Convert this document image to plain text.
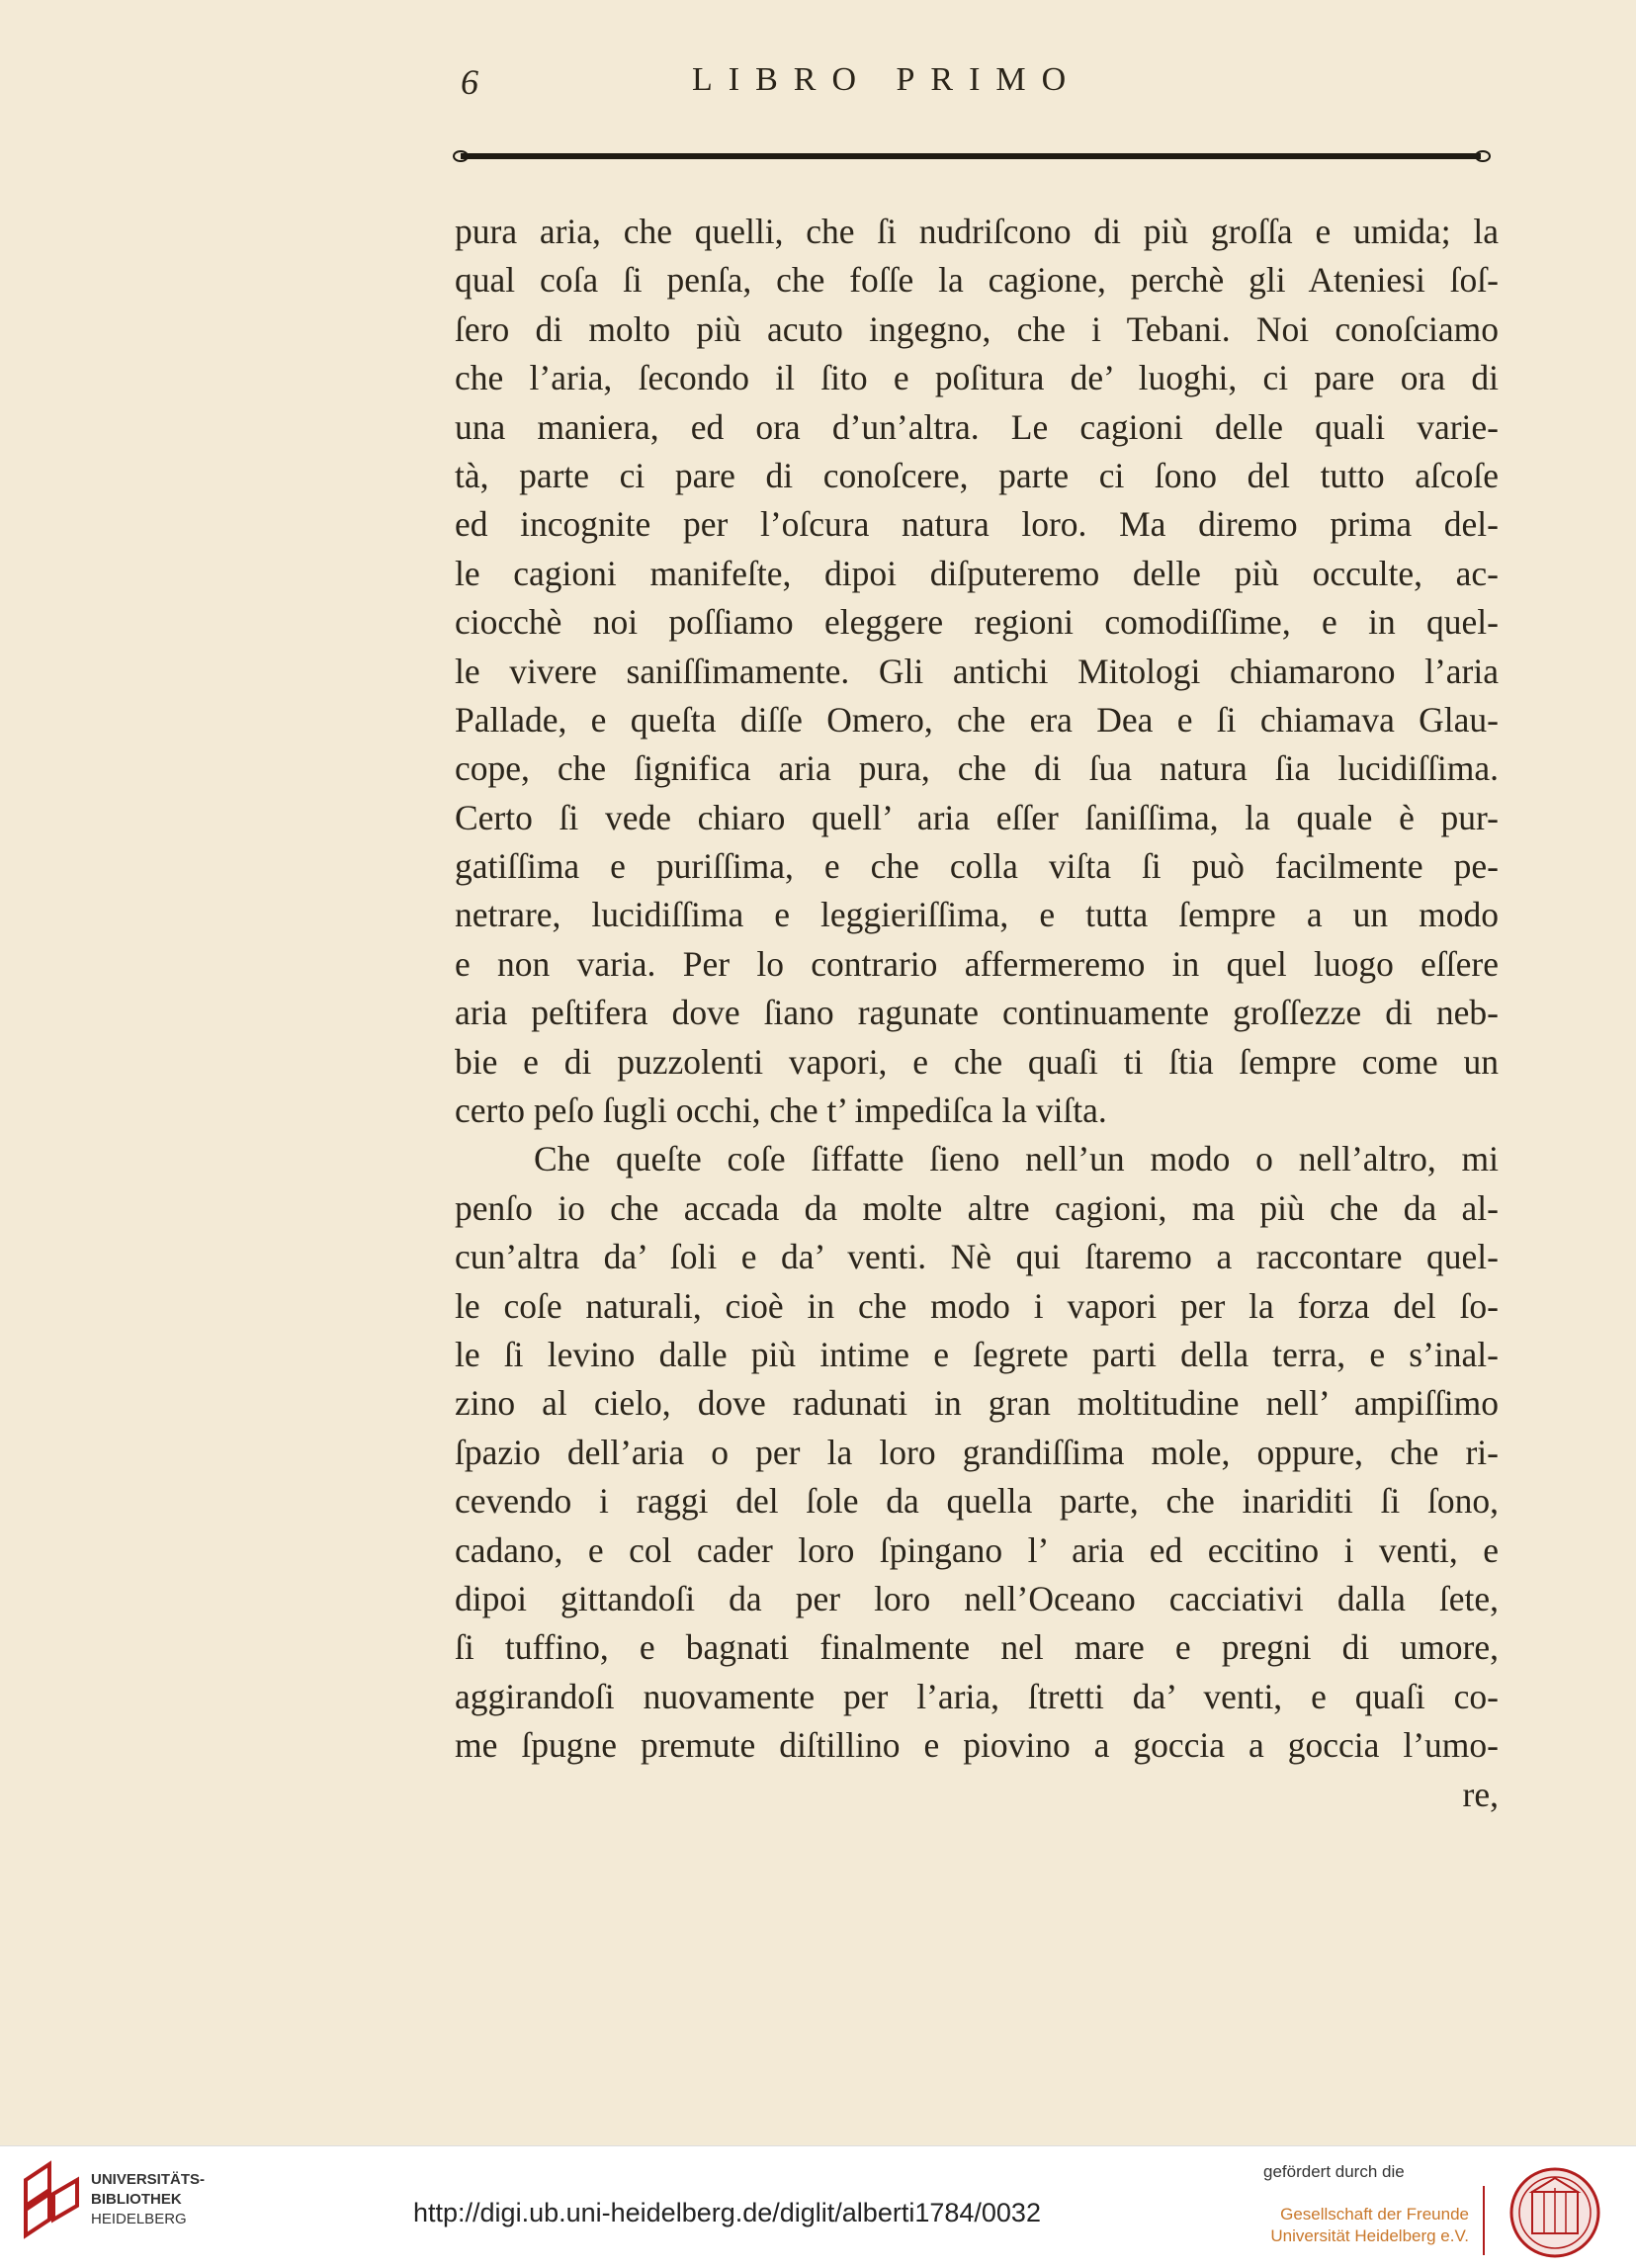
6	LIBRO PRIMO
pura aria, che quelli, che ſi nudriſcono di più groſſa e umida; la
qual coſa ſi penſa, che foſſe la cagione, perchè gli Ateniesi ſoſ-
ſero di molto più acuto ingegno, che i Tebani. Noi conoſciamo
che l’aria, ſecondo il ſito e poſitura de’ luoghi, ci pare ora di
una maniera, ed ora d’un’altra. Le cagioni delle quali varie-
tà, parte ci pare di conoſcere, parte ci ſono del tutto aſcoſe
ed incognite per l’oſcura natura loro. Ma diremo prima del-
le cagioni manifeſte, dipoi diſputeremo delle più occulte, ac-
ciocchè noi poſſiamo eleggere regioni comodiſſime, e in quel-
le vivere saniſſimamente. Gli antichi Mitologi chiamarono l’aria
Pallade, e queſta diſſe Omero, che era Dea e ſi chiamava Glau-
cope, che ſignifica aria pura, che di ſua natura ſia lucidiſſima.
Certo ſi vede chiaro quell’ aria eſſer ſaniſſima, la quale è pur-
gatiſſima e puriſſima, e che colla viſta ſi può facilmente pe-
netrare, lucidiſſima e leggieriſſima, e tutta ſempre a un modo
e non varia. Per lo contrario affermeremo in quel luogo eſſere
aria peſtifera dove ſiano ragunate continuamente groſſezze di neb-
bie e di puzzolenti vapori, e che quaſi ti ſtia ſempre come un
certo peſo ſugli occhi, che t’ impediſca la viſta.
Che queſte coſe ſiffatte ſieno nell’un modo o nell’altro, mi
penſo io che accada da molte altre cagioni, ma più che da al-
cun’altra da’ ſoli e da’ venti. Nè qui ſtaremo a raccontare quel-
le coſe naturali, cioè in che modo i vapori per la forza del ſo-
le ſi levino dalle più intime e ſegrete parti della terra, e s’inal-
zino al cielo, dove radunati in gran moltitudine nell’ ampiſſimo
ſpazio dell’aria o per la loro grandiſſima mole, oppure, che ri-
cevendo i raggi del ſole da quella parte, che inariditi ſi ſono,
cadano, e col cader loro ſpingano l’ aria ed eccitino i venti, e
dipoi gittandoſi da per loro nell’Oceano cacciativi dalla ſete,
ſi tuffino, e bagnati finalmente nel mare e pregni di umore,
aggirandoſi nuovamente per l’aria, ſtretti da’ venti, e quaſi co-
me ſpugne premute diſtillino e piovino a goccia a goccia l’umo-
re,
UNIVERSITÄTS-
BIBLIOTHEK
HEIDELBERG	http://digi.ub.uni-heidelberg.de/diglit/alberti1784/0032
gefördert durch die
Gesellschaft der Freunde
Universität Heidelberg e.V.
